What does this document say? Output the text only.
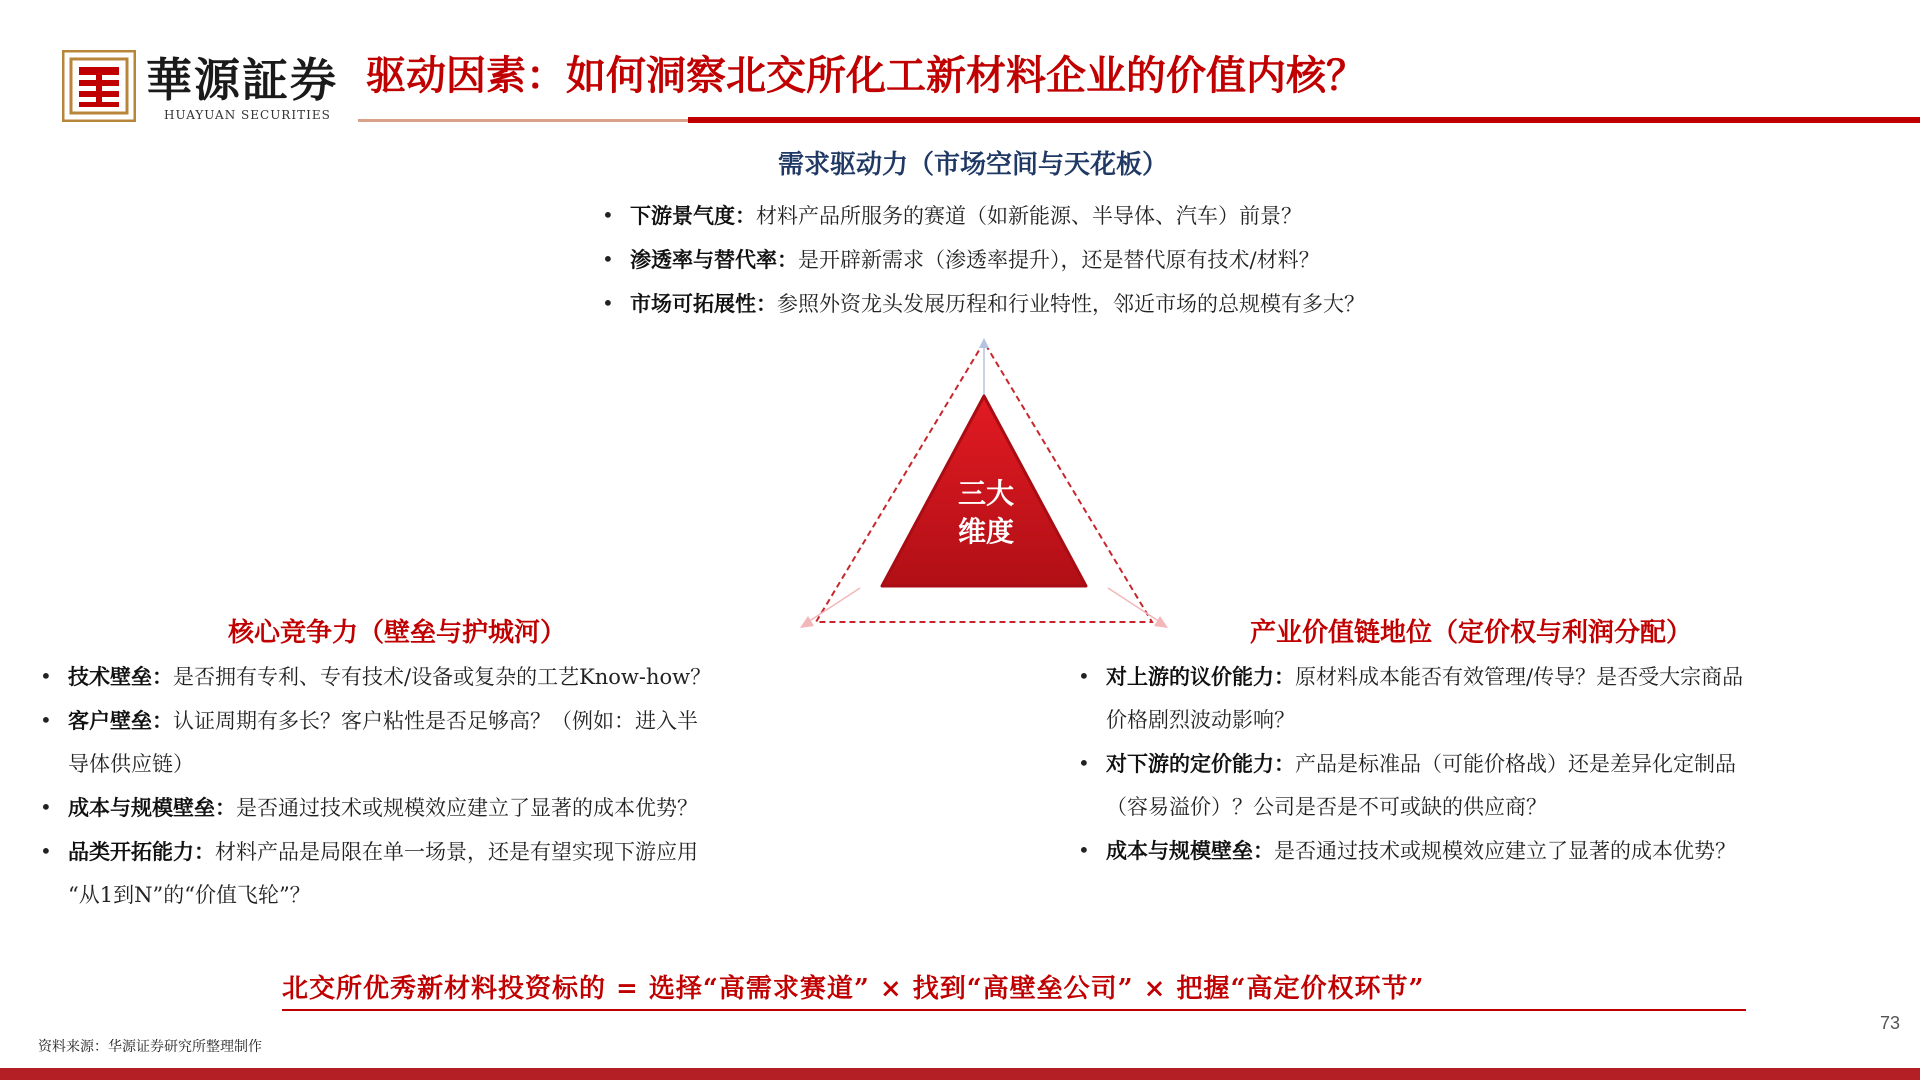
華源証券
HUAYUAN SECURITIES
驱动因素：如何洞察北交所化工新材料企业的价值内核？
需求驱动力（市场空间与天花板）
• 下游景气度：材料产品所服务的赛道（如新能源、半导体、汽车）前景？
• 渗透率与替代率：是开辟新需求（渗透率提升），还是替代原有技术/材料？
• 市场可拓展性：参照外资龙头发展历程和行业特性，邻近市场的总规模有多大？
三大
维度
核心竞争力（壁垒与护城河）
• 技术壁垒：是否拥有专利、专有技术/设备或复杂的工艺Know-how？
• 客户壁垒：认证周期有多长？客户粘性是否足够高？（例如：进入半
导体供应链）
• 成本与规模壁垒：是否通过技术或规模效应建立了显著的成本优势？
• 品类开拓能力：材料产品是局限在单一场景，还是有望实现下游应用
“从1到N”的“价值飞轮”？
产业价值链地位（定价权与利润分配）
• 对上游的议价能力：原材料成本能否有效管理/传导？是否受大宗商品
价格剧烈波动影响？
• 对下游的定价能力：产品是标准品（可能价格战）还是差异化定制品
（容易溢价）？公司是否是不可或缺的供应商？
• 成本与规模壁垒：是否通过技术或规模效应建立了显著的成本优势？
北交所优秀新材料投资标的 = 选择“高需求赛道” × 找到“高壁垒公司” × 把握“高定价权环节”
资料来源：华源证券研究所整理制作
73
